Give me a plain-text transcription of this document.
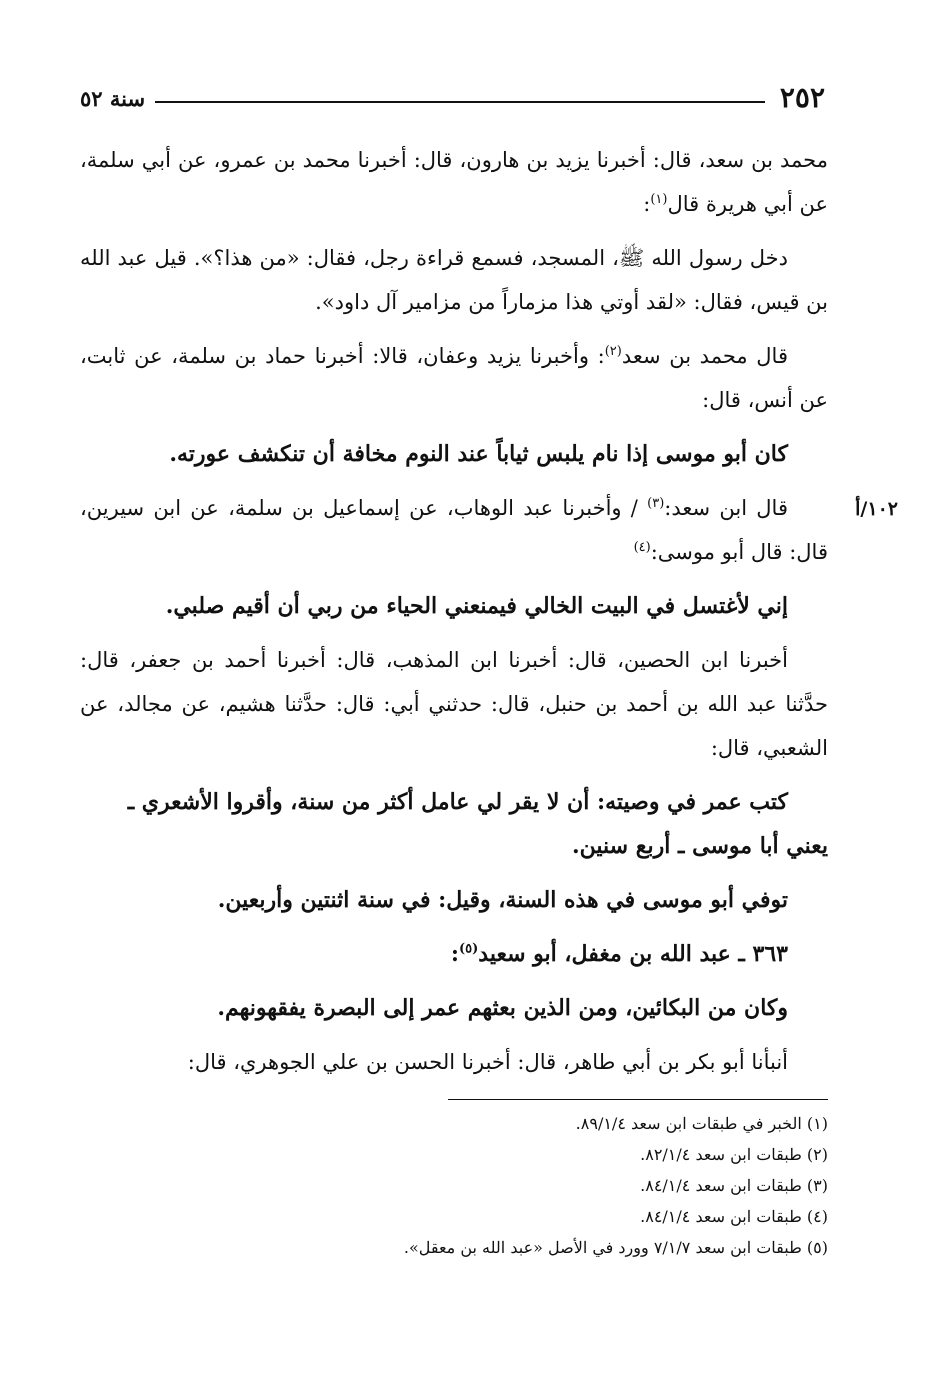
٢٥٢
سنة ٥٢
١٠٢/أ

محمد بن سعد، قال: أخبرنا يزيد بن هارون، قال: أخبرنا محمد بن عمرو، عن أبي سلمة، عن أبي هريرة قال$^{(١)}$:

دخل رسول الله ﷺ، المسجد، فسمع قراءة رجل، فقال: «من هذا؟». قيل عبد الله بن قيس، فقال: «لقد أوتي هذا مزماراً من مزامير آل داود».

قال محمد بن سعد$^{(٢)}$: وأخبرنا يزيد وعفان، قالا: أخبرنا حماد بن سلمة، عن ثابت، عن أنس، قال:

كان أبو موسى إذا نام يلبس ثياباً عند النوم مخافة أن تنكشف عورته.

قال ابن سعد:$^{(٣)}$ / وأخبرنا عبد الوهاب، عن إسماعيل بن سلمة، عن ابن سيرين، قال: قال أبو موسى:$^{(٤)}$

إني لأغتسل في البيت الخالي فيمنعني الحياء من ربي أن أقيم صلبي.

أخبرنا ابن الحصين، قال: أخبرنا ابن المذهب، قال: أخبرنا أحمد بن جعفر، قال: حدَّثنا عبد الله بن أحمد بن حنبل، قال: حدثني أبي: قال: حدَّثنا هشيم، عن مجالد، عن الشعبي، قال:

كتب عمر في وصيته: أن لا يقر لي عامل أكثر من سنة، وأقروا الأشعري ـ يعني أبا موسى ـ أربع سنين.

توفي أبو موسى في هذه السنة، وقيل: في سنة اثنتين وأربعين.

٣٦٣ ـ عبد الله بن مغفل، أبو سعيد$^{(٥)}$:

وكان من البكائين، ومن الذين بعثهم عمر إلى البصرة يفقهونهم.

أنبأنا أبو بكر بن أبي طاهر، قال: أخبرنا الحسن بن علي الجوهري، قال:

(١) الخبر في طبقات ابن سعد ٨٩/١/٤.

(٢) طبقات ابن سعد ٨٢/١/٤.

(٣) طبقات ابن سعد ٨٤/١/٤.

(٤) طبقات ابن سعد ٨٤/١/٤.

(٥) طبقات ابن سعد ٧/١/٧ وورد في الأصل «عبد الله بن معقل».
